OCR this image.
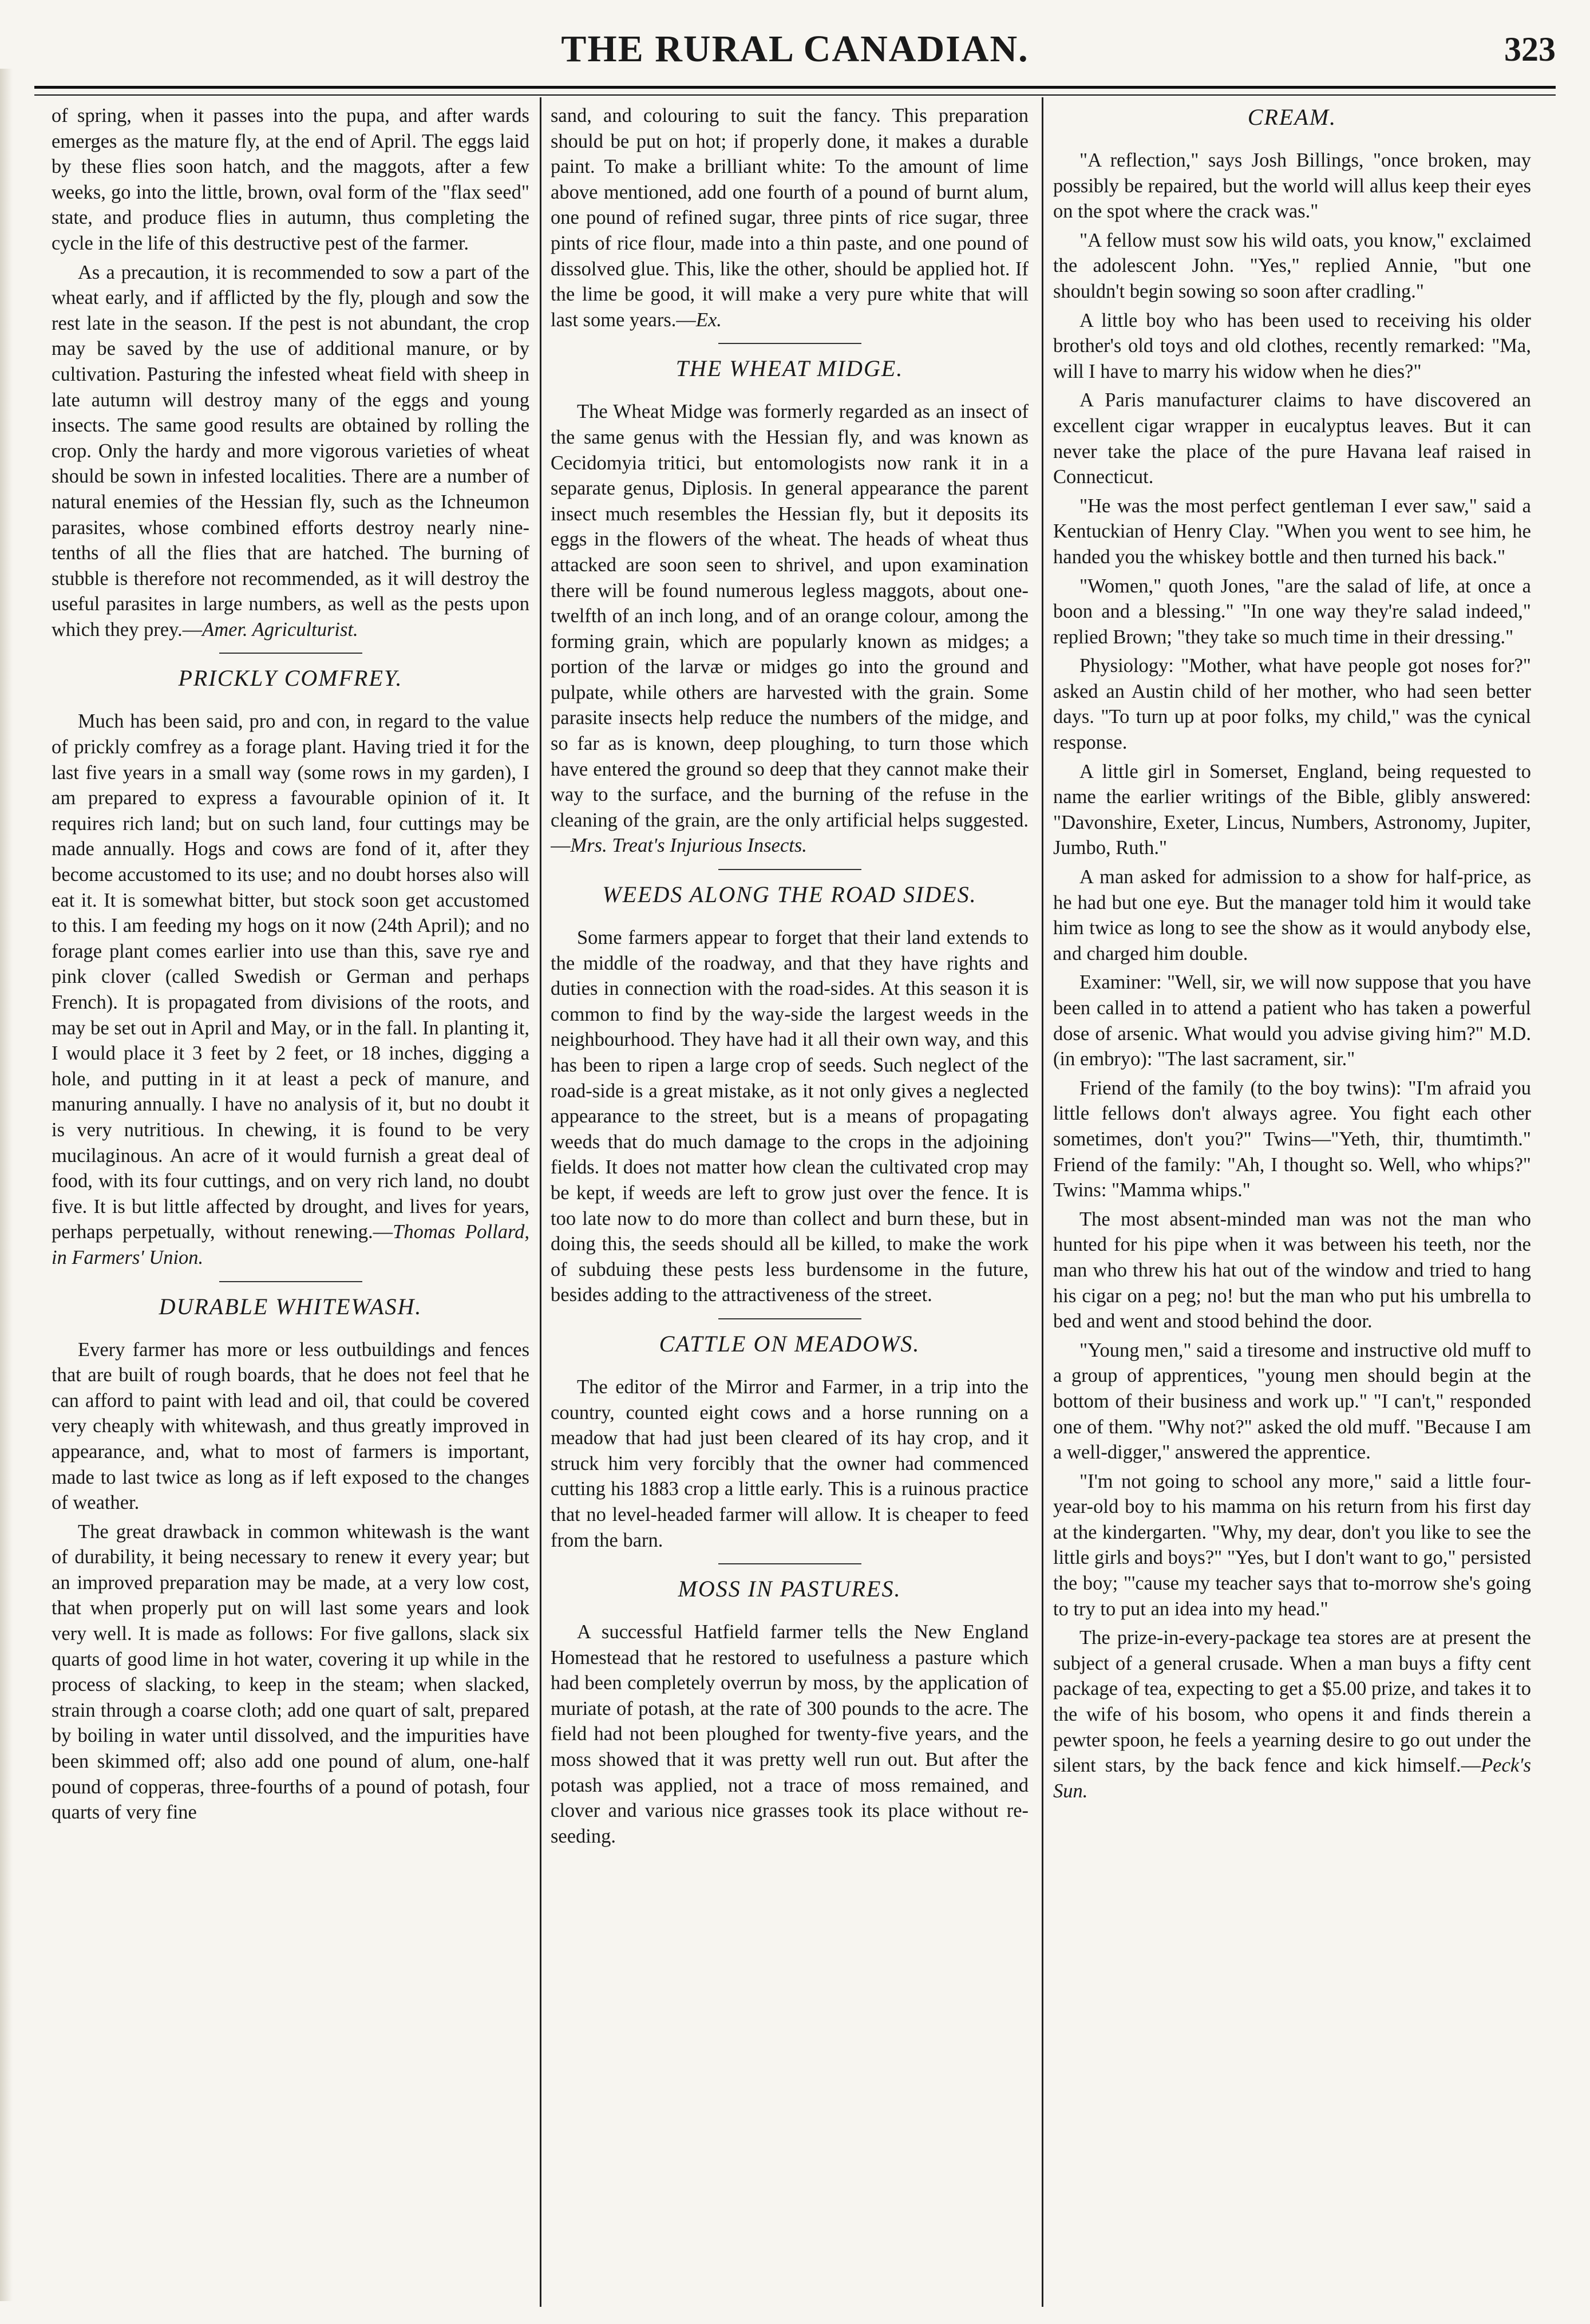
THE RURAL CANADIAN.	323

of spring, when it passes into the pupa, and after wards emerges as the mature fly, at the end of April. The eggs laid by these flies soon hatch, and the maggots, after a few weeks, go into the little, brown, oval form of the "flax seed" state, and produce flies in autumn, thus completing the cycle in the life of this destructive pest of the farmer.

As a precaution, it is recommended to sow a part of the wheat early, and if afflicted by the fly, plough and sow the rest late in the season. If the pest is not abundant, the crop may be saved by the use of additional manure, or by cultivation. Pasturing the infested wheat field with sheep in late autumn will destroy many of the eggs and young insects. The same good results are obtained by rolling the crop. Only the hardy and more vigorous varieties of wheat should be sown in infested localities. There are a number of natural enemies of the Hessian fly, such as the Ichneumon parasites, whose combined efforts destroy nearly nine-tenths of all the flies that are hatched. The burning of stubble is therefore not recommended, as it will destroy the useful parasites in large numbers, as well as the pests upon which they prey.—Amer. Agriculturist.

PRICKLY COMFREY.

Much has been said, pro and con, in regard to the value of prickly comfrey as a forage plant. Having tried it for the last five years in a small way (some rows in my garden), I am prepared to express a favourable opinion of it. It requires rich land; but on such land, four cuttings may be made annually. Hogs and cows are fond of it, after they become accustomed to its use; and no doubt horses also will eat it. It is somewhat bitter, but stock soon get accustomed to this. I am feeding my hogs on it now (24th April); and no forage plant comes earlier into use than this, save rye and pink clover (called Swedish or German and perhaps French). It is propagated from divisions of the roots, and may be set out in April and May, or in the fall. In planting it, I would place it 3 feet by 2 feet, or 18 inches, digging a hole, and putting in it at least a peck of manure, and manuring annually. I have no analysis of it, but no doubt it is very nutritious. In chewing, it is found to be very mucilaginous. An acre of it would furnish a great deal of food, with its four cuttings, and on very rich land, no doubt five. It is but little affected by drought, and lives for years, perhaps perpetually, without renewing.—Thomas Pollard, in Farmers' Union.

DURABLE WHITEWASH.

Every farmer has more or less outbuildings and fences that are built of rough boards, that he does not feel that he can afford to paint with lead and oil, that could be covered very cheaply with whitewash, and thus greatly improved in appearance, and, what to most of farmers is important, made to last twice as long as if left exposed to the changes of weather.

The great drawback in common whitewash is the want of durability, it being necessary to renew it every year; but an improved preparation may be made, at a very low cost, that when properly put on will last some years and look very well. It is made as follows: For five gallons, slack six quarts of good lime in hot water, covering it up while in the process of slacking, to keep in the steam; when slacked, strain through a coarse cloth; add one quart of salt, prepared by boiling in water until dissolved, and the impurities have been skimmed off; also add one pound of alum, one-half pound of copperas, three-fourths of a pound of potash, four quarts of very fine

sand, and colouring to suit the fancy. This preparation should be put on hot; if properly done, it makes a durable paint. To make a brilliant white: To the amount of lime above mentioned, add one fourth of a pound of burnt alum, one pound of refined sugar, three pints of rice sugar, three pints of rice flour, made into a thin paste, and one pound of dissolved glue. This, like the other, should be applied hot. If the lime be good, it will make a very pure white that will last some years.—Ex.

THE WHEAT MIDGE.

The Wheat Midge was formerly regarded as an insect of the same genus with the Hessian fly, and was known as Cecidomyia tritici, but entomologists now rank it in a separate genus, Diplosis. In general appearance the parent insect much resembles the Hessian fly, but it deposits its eggs in the flowers of the wheat. The heads of wheat thus attacked are soon seen to shrivel, and upon examination there will be found numerous legless maggots, about one-twelfth of an inch long, and of an orange colour, among the forming grain, which are popularly known as midges; a portion of the larvæ or midges go into the ground and pulpate, while others are harvested with the grain. Some parasite insects help reduce the numbers of the midge, and so far as is known, deep ploughing, to turn those which have entered the ground so deep that they cannot make their way to the surface, and the burning of the refuse in the cleaning of the grain, are the only artificial helps suggested.—Mrs. Treat's Injurious Insects.

WEEDS ALONG THE ROAD SIDES.

Some farmers appear to forget that their land extends to the middle of the roadway, and that they have rights and duties in connection with the road-sides. At this season it is common to find by the way-side the largest weeds in the neighbourhood. They have had it all their own way, and this has been to ripen a large crop of seeds. Such neglect of the road-side is a great mistake, as it not only gives a neglected appearance to the street, but is a means of propagating weeds that do much damage to the crops in the adjoining fields. It does not matter how clean the cultivated crop may be kept, if weeds are left to grow just over the fence. It is too late now to do more than collect and burn these, but in doing this, the seeds should all be killed, to make the work of subduing these pests less burdensome in the future, besides adding to the attractiveness of the street.

CATTLE ON MEADOWS.

The editor of the Mirror and Farmer, in a trip into the country, counted eight cows and a horse running on a meadow that had just been cleared of its hay crop, and it struck him very forcibly that the owner had commenced cutting his 1883 crop a little early. This is a ruinous practice that no level-headed farmer will allow. It is cheaper to feed from the barn.

MOSS IN PASTURES.

A successful Hatfield farmer tells the New England Homestead that he restored to usefulness a pasture which had been completely overrun by moss, by the application of muriate of potash, at the rate of 300 pounds to the acre. The field had not been ploughed for twenty-five years, and the moss showed that it was pretty well run out. But after the potash was applied, not a trace of moss remained, and clover and various nice grasses took its place without re-seeding.

CREAM.

"A reflection," says Josh Billings, "once broken, may possibly be repaired, but the world will allus keep their eyes on the spot where the crack was."

"A fellow must sow his wild oats, you know," exclaimed the adolescent John. "Yes," replied Annie, "but one shouldn't begin sowing so soon after cradling."

A little boy who has been used to receiving his older brother's old toys and old clothes, recently remarked: "Ma, will I have to marry his widow when he dies?"

A Paris manufacturer claims to have discovered an excellent cigar wrapper in eucalyptus leaves. But it can never take the place of the pure Havana leaf raised in Connecticut.

"He was the most perfect gentleman I ever saw," said a Kentuckian of Henry Clay. "When you went to see him, he handed you the whiskey bottle and then turned his back."

"Women," quoth Jones, "are the salad of life, at once a boon and a blessing." "In one way they're salad indeed," replied Brown; "they take so much time in their dressing."

Physiology: "Mother, what have people got noses for?" asked an Austin child of her mother, who had seen better days. "To turn up at poor folks, my child," was the cynical response.

A little girl in Somerset, England, being requested to name the earlier writings of the Bible, glibly answered: "Davonshire, Exeter, Lincus, Numbers, Astronomy, Jupiter, Jumbo, Ruth."

A man asked for admission to a show for half-price, as he had but one eye. But the manager told him it would take him twice as long to see the show as it would anybody else, and charged him double.

Examiner: "Well, sir, we will now suppose that you have been called in to attend a patient who has taken a powerful dose of arsenic. What would you advise giving him?" M.D. (in embryo): "The last sacrament, sir."

Friend of the family (to the boy twins): "I'm afraid you little fellows don't always agree. You fight each other sometimes, don't you?" Twins—"Yeth, thir, thumtimth." Friend of the family: "Ah, I thought so. Well, who whips?" Twins: "Mamma whips."

The most absent-minded man was not the man who hunted for his pipe when it was between his teeth, nor the man who threw his hat out of the window and tried to hang his cigar on a peg; no! but the man who put his umbrella to bed and went and stood behind the door.

"Young men," said a tiresome and instructive old muff to a group of apprentices, "young men should begin at the bottom of their business and work up." "I can't," responded one of them. "Why not?" asked the old muff. "Because I am a well-digger," answered the apprentice.

"I'm not going to school any more," said a little four-year-old boy to his mamma on his return from his first day at the kindergarten. "Why, my dear, don't you like to see the little girls and boys?" "Yes, but I don't want to go," persisted the boy; "'cause my teacher says that to-morrow she's going to try to put an idea into my head."

The prize-in-every-package tea stores are at present the subject of a general crusade. When a man buys a fifty cent package of tea, expecting to get a $5.00 prize, and takes it to the wife of his bosom, who opens it and finds therein a pewter spoon, he feels a yearning desire to go out under the silent stars, by the back fence and kick himself.—Peck's Sun.
